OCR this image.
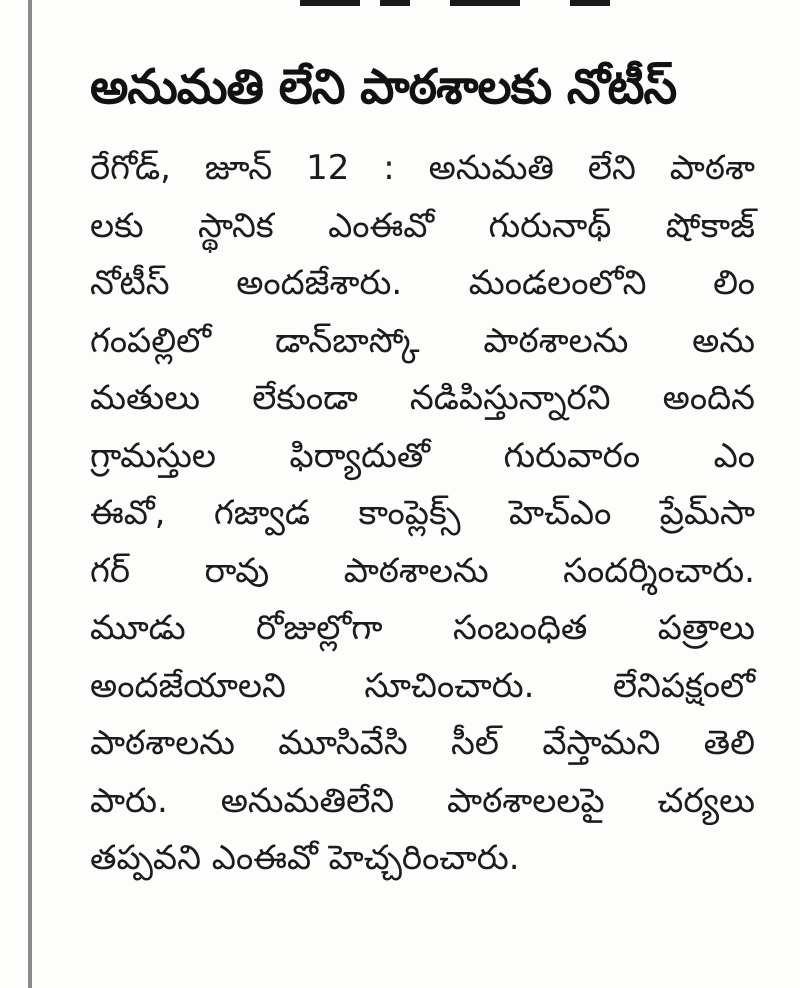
అనుమతి లేని పాఠశాలకు నోటీస్
రేగోడ్, జూన్ 12 : అనుమతి లేని పాఠశా
లకు స్థానిక ఎంఈవో గురునాథ్ షోకాజ్
నోటీస్ అందజేశారు. మండలంలోని లిం
గంపల్లిలో డాన్‌బాస్కో పాఠశాలను అను
మతులు లేకుండా నడిపిస్తున్నారని అందిన
గ్రామస్తుల ఫిర్యాదుతో గురువారం ఎం
ఈవో, గజ్వాడ కాంప్లెక్స్ హెచ్‌ఎం ప్రేమ్‌సా
గర్ రావు పాఠశాలను సందర్శించారు.
మూడు రోజుల్లోగా సంబంధిత పత్రాలు
అందజేయాలని సూచించారు. లేనిపక్షంలో
పాఠశాలను మూసివేసి సీల్ వేస్తామని తెలి
పారు. అనుమతిలేని పాఠశాలలపై చర్యలు
తప్పవని ఎంఈవో హెచ్చరించారు.
